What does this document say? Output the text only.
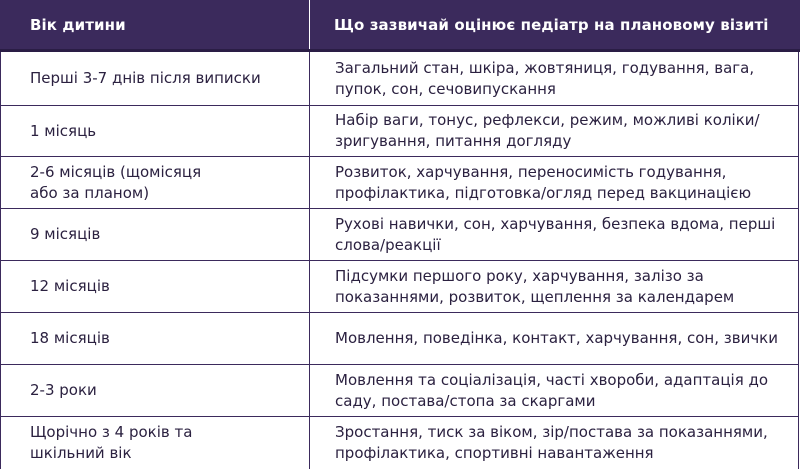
Вік дитини	Що зазвичай оцінює педіатр на плановому візиті
Перші 3-7 днів після виписки
Загальний стан, шкіра, жовтяниця, годування, вага, пупок, сон, сечовипускання
1 місяць
Набір ваги, тонус, рефлекси, режим, можливі коліки/ зригування, питання догляду
2-6 місяців (щомісяця або за планом)
Розвиток, харчування, переносимість годування, профілактика, підготовка/огляд перед вакцинацією
9 місяців
Рухові навички, сон, харчування, безпека вдома, перші слова/реакції
12 місяців
Підсумки першого року, харчування, залізо за показаннями, розвиток, щеплення за календарем
18 місяців	Мовлення, поведінка, контакт, харчування, сон, звички
2-3 роки
Мовлення та соціалізація, часті хвороби, адаптація до саду, постава/стопа за скаргами
Щорічно з 4 років та шкільний вік
Зростання, тиск за віком, зір/постава за показаннями, профілактика, спортивні навантаження
